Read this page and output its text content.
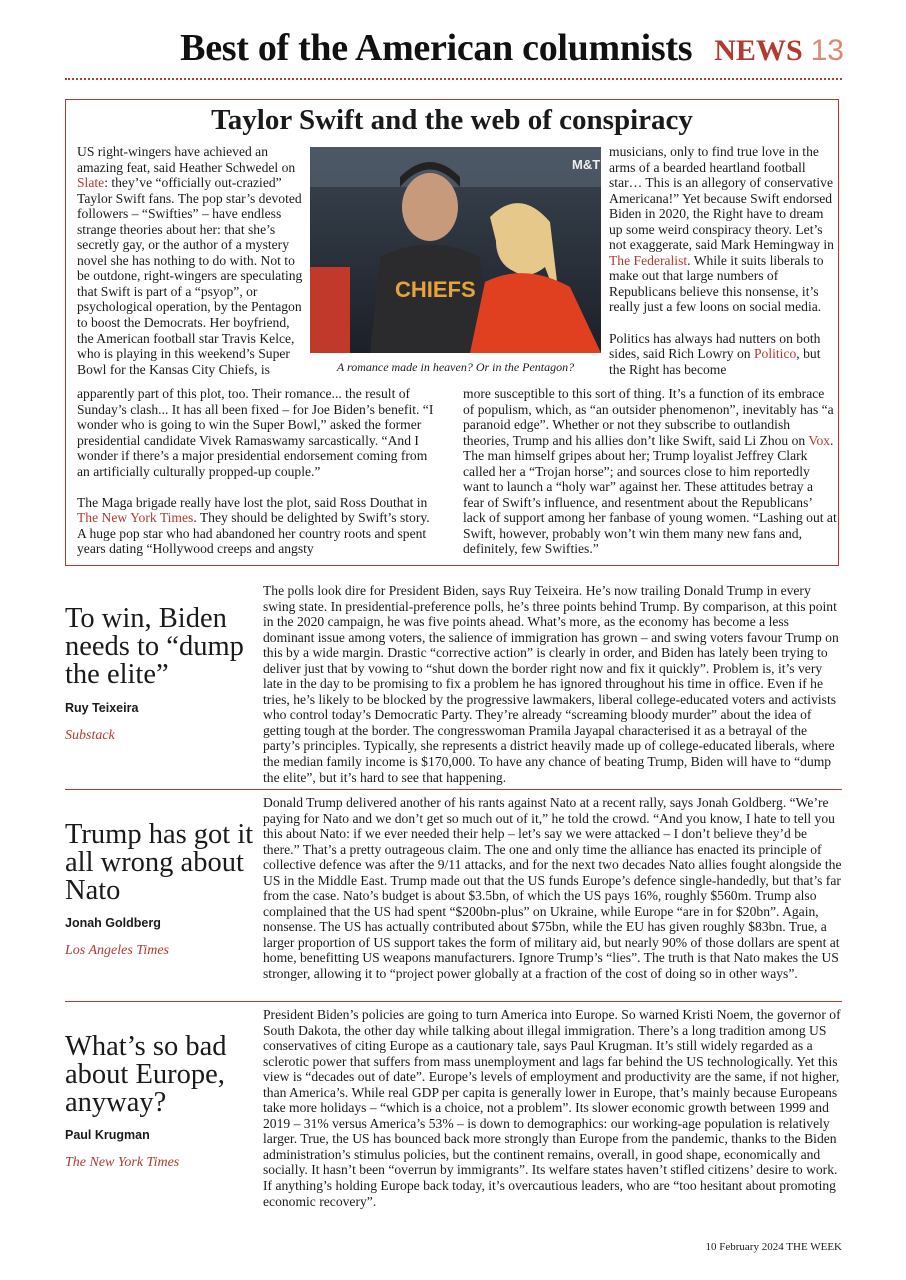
Best of the American columnists NEWS 13
Taylor Swift and the web of conspiracy

US right-wingers have achieved an amazing feat, said Heather Schwedel on Slate: they’ve “officially out-crazied” Taylor Swift fans. The pop star’s devoted followers – “Swifties” – have endless strange theories about her: that she’s secretly gay, or the author of a mystery novel she has nothing to do with. Not to be outdone, right-wingers are speculating that Swift is part of a “psyop”, or psychological operation, by the Pentagon to boost the Democrats. Her boyfriend, the American football star Travis Kelce, who is playing in this weekend’s Super Bowl for the Kansas City Chiefs, is

CHIEFS
M&T
A romance made in heaven? Or in the Pentagon?

apparently part of this plot, too. Their romance... the result of Sunday’s clash... It has all been fixed – for Joe Biden’s benefit. “I wonder who is going to win the Super Bowl,” asked the former presidential candidate Vivek Ramaswamy sarcastically. “And I wonder if there’s a major presidential endorsement coming from an artificially culturally propped-up couple.”

The Maga brigade really have lost the plot, said Ross Douthat in The New York Times. They should be delighted by Swift’s story. A huge pop star who had abandoned her country roots and spent years dating “Hollywood creeps and angsty

musicians, only to find true love in the arms of a bearded heartland football star… This is an allegory of conservative Americana!” Yet because Swift endorsed Biden in 2020, the Right have to dream up some weird conspiracy theory. Let’s not exaggerate, said Mark Hemingway in The Federalist. While it suits liberals to make out that large numbers of Republicans believe this nonsense, it’s really just a few loons on social media.

Politics has always had nutters on both sides, said Rich Lowry on Politico, but the Right has become

more susceptible to this sort of thing. It’s a function of its embrace of populism, which, as “an outsider phenomenon”, inevitably has “a paranoid edge”. Whether or not they subscribe to outlandish theories, Trump and his allies don’t like Swift, said Li Zhou on Vox. The man himself gripes about her; Trump loyalist Jeffrey Clark called her a “Trojan horse”; and sources close to him reportedly want to launch a “holy war” against her. These attitudes betray a fear of Swift’s influence, and resentment about the Republicans’ lack of support among her fanbase of young women. “Lashing out at Swift, however, probably won’t win them many new fans and, definitely, few Swifties.”

To win, Biden needs to “dump the elite”
Ruy Teixeira
Substack

The polls look dire for President Biden, says Ruy Teixeira. He’s now trailing Donald Trump in every swing state. In presidential-preference polls, he’s three points behind Trump. By comparison, at this point in the 2020 campaign, he was five points ahead. What’s more, as the economy has become a less dominant issue among voters, the salience of immigration has grown – and swing voters favour Trump on this by a wide margin. Drastic “corrective action” is clearly in order, and Biden has lately been trying to deliver just that by vowing to “shut down the border right now and fix it quickly”. Problem is, it’s very late in the day to be promising to fix a problem he has ignored throughout his time in office. Even if he tries, he’s likely to be blocked by the progressive lawmakers, liberal college-educated voters and activists who control today’s Democratic Party. They’re already “screaming bloody murder” about the idea of getting tough at the border. The congresswoman Pramila Jayapal characterised it as a betrayal of the party’s principles. Typically, she represents a district heavily made up of college-educated liberals, where the median family income is $170,000. To have any chance of beating Trump, Biden will have to “dump the elite”, but it’s hard to see that happening.

Trump has got it all wrong about Nato
Jonah Goldberg
Los Angeles Times

Donald Trump delivered another of his rants against Nato at a recent rally, says Jonah Goldberg. “We’re paying for Nato and we don’t get so much out of it,” he told the crowd. “And you know, I hate to tell you this about Nato: if we ever needed their help – let’s say we were attacked – I don’t believe they’d be there.” That’s a pretty outrageous claim. The one and only time the alliance has enacted its principle of collective defence was after the 9/11 attacks, and for the next two decades Nato allies fought alongside the US in the Middle East. Trump made out that the US funds Europe’s defence single-handedly, but that’s far from the case. Nato’s budget is about $3.5bn, of which the US pays 16%, roughly $560m. Trump also complained that the US had spent “$200bn-plus” on Ukraine, while Europe “are in for $20bn”. Again, nonsense. The US has actually contributed about $75bn, while the EU has given roughly $83bn. True, a larger proportion of US support takes the form of military aid, but nearly 90% of those dollars are spent at home, benefitting US weapons manufacturers. Ignore Trump’s “lies”. The truth is that Nato makes the US stronger, allowing it to “project power globally at a fraction of the cost of doing so in other ways”.

What’s so bad about Europe, anyway?
Paul Krugman
The New York Times

President Biden’s policies are going to turn America into Europe. So warned Kristi Noem, the governor of South Dakota, the other day while talking about illegal immigration. There’s a long tradition among US conservatives of citing Europe as a cautionary tale, says Paul Krugman. It’s still widely regarded as a sclerotic power that suffers from mass unemployment and lags far behind the US technologically. Yet this view is “decades out of date”. Europe’s levels of employment and productivity are the same, if not higher, than America’s. While real GDP per capita is generally lower in Europe, that’s mainly because Europeans take more holidays – “which is a choice, not a problem”. Its slower economic growth between 1999 and 2019 – 31% versus America’s 53% – is down to demographics: our working-age population is relatively larger. True, the US has bounced back more strongly than Europe from the pandemic, thanks to the Biden administration’s stimulus policies, but the continent remains, overall, in good shape, economically and socially. It hasn’t been “overrun by immigrants”. Its welfare states haven’t stifled citizens’ desire to work. If anything’s holding Europe back today, it’s overcautious leaders, who are “too hesitant about promoting economic recovery”.

10 February 2024 THE WEEK
